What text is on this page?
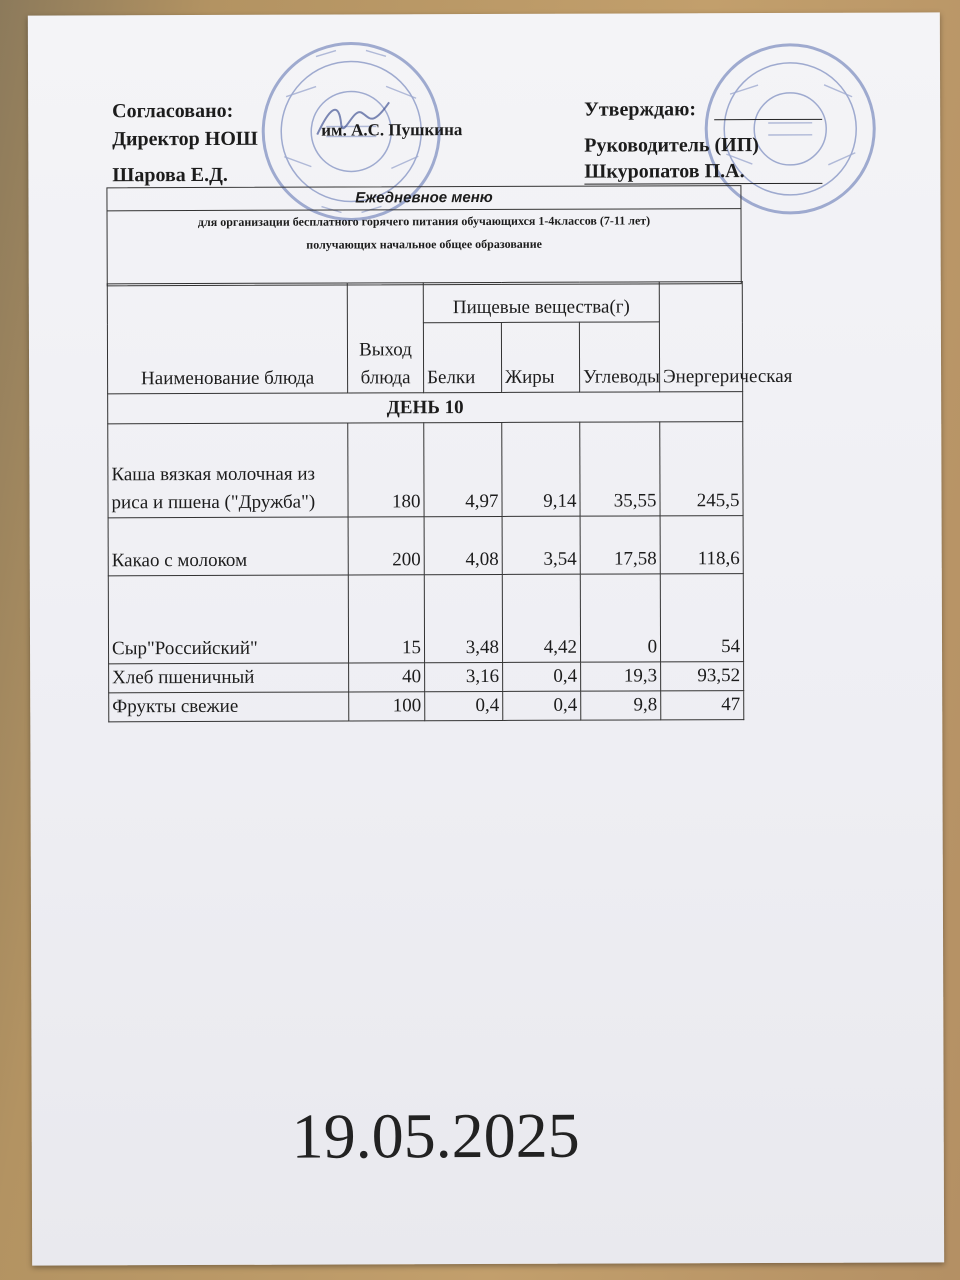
Согласовано:
Директор НОШ	им. А.С. Пушкина
Шарова Е.Д.
Утверждаю:
Руководитель (ИП)
Шкуропатов П.А.
Ежедневное меню
для организации бесплатного горячего питания обучающихся 1-4классов (7-11 лет)
получающих начальное общее образование
Наименование блюда	Выход блюда	Пищевые вещества(г)			Энергерическая
		Белки	Жиры	Углеводы	
ДЕНЬ 10					
Каша вязкая молочная из риса и пшена ("Дружба")	180	4,97	9,14	35,55	245,5
Какао с молоком	200	4,08	3,54	17,58	118,6
Сыр"Российский"	15	3,48	4,42	0	54
Хлеб пшеничный	40	3,16	0,4	19,3	93,52
Фрукты свежие	100	0,4	0,4	9,8	47
19.05.2025
